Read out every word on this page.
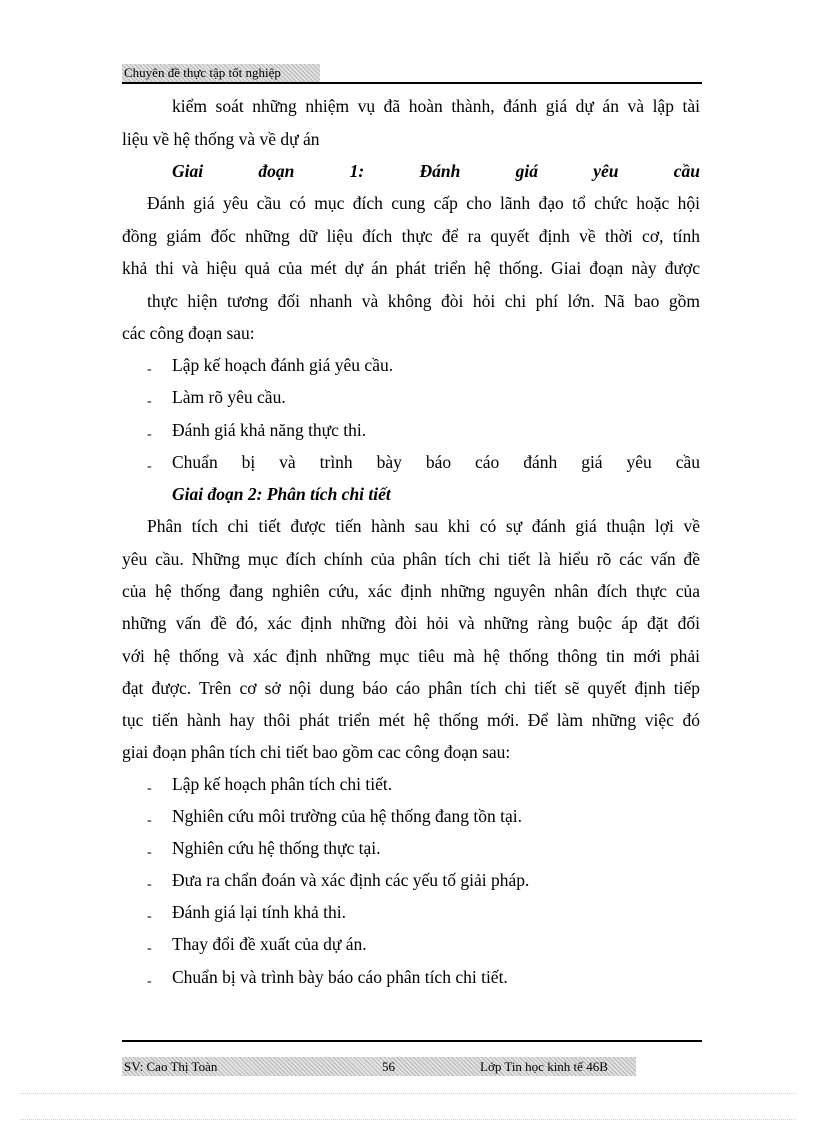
Chuyên đề thực tập tốt nghiệp
kiểm soát những nhiệm vụ đã hoàn thành, đánh giá dự án và lập tài
liệu về hệ thống và về dự án
Giai đoạn 1: Đánh giá yêu cầu
Đánh giá yêu cầu có mục đích cung cấp cho lãnh đạo tổ chức hoặc hội
đồng giám đốc những dữ liệu đích thực để ra quyết định về thời cơ, tính
khả thi và hiệu quả của mét dự án phát triển hệ thống. Giai đoạn này được
thực hiện tương đối nhanh và không đòi hỏi chi phí lớn. Nã bao gồm
các công đoạn sau:
- Lập kế hoạch đánh giá yêu cầu.
- Làm rõ yêu cầu.
- Đánh giá khả năng thực thi.
- Chuẩn bị và trình bày báo cáo đánh giá yêu cầu
Giai đoạn 2: Phân tích chi tiết
Phân tích chi tiết được tiến hành sau khi có sự đánh giá thuận lợi về
yêu cầu. Những mục đích chính của phân tích chi tiết là hiểu rõ các vấn đề
của hệ thống đang nghiên cứu, xác định những nguyên nhân đích thực của
những vấn đề đó, xác định những đòi hỏi và những ràng buộc áp đặt đối
với hệ thống và xác định những mục tiêu mà hệ thống thông tin mới phải
đạt được. Trên cơ sở nội dung báo cáo phân tích chi tiết sẽ quyết định tiếp
tục tiến hành hay thôi phát triển mét hệ thống mới. Để làm những việc đó
giai đoạn phân tích chi tiết bao gồm cac công đoạn sau:
- Lập kế hoạch phân tích chi tiết.
- Nghiên cứu môi trường của hệ thống đang tồn tại.
- Nghiên cứu hệ thống thực tại.
- Đưa ra chẩn đoán và xác định các yếu tố giải pháp.
- Đánh giá lại tính khả thi.
- Thay đổi đề xuất của dự án.
- Chuẩn bị và trình bày báo cáo phân tích chi tiết.
SV: Cao Thị Toàn	56	Lớp Tin học kinh tế 46B
